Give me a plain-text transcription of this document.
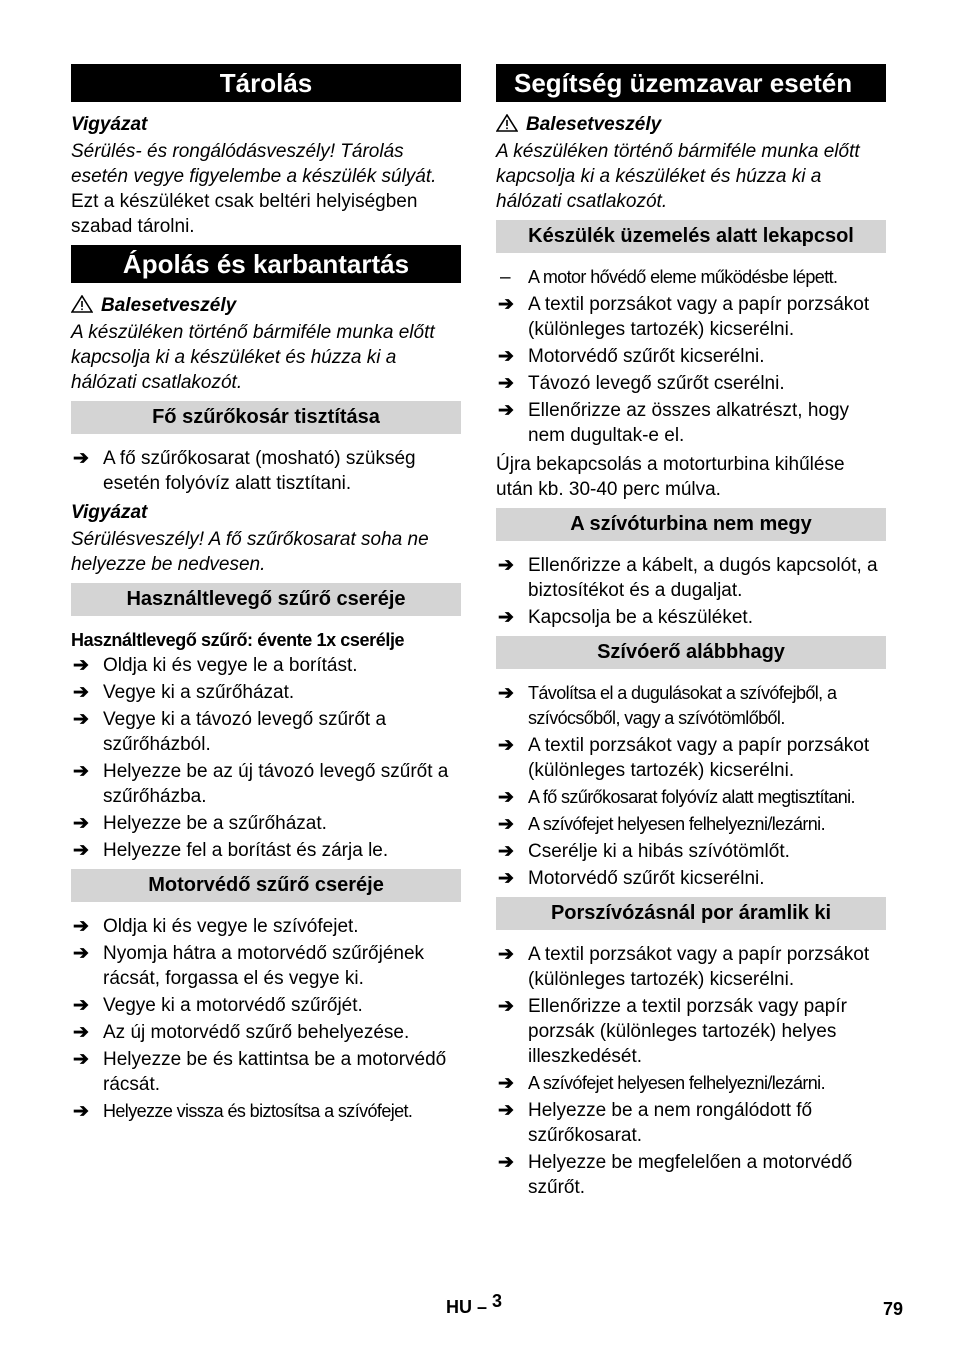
Tárolás
Vigyázat

Sérülés- és rongálódásveszély! Tárolás esetén vegye figyelembe a készülék súlyát.

Ezt a készüléket csak beltéri helyiségben szabad tárolni.

Ápolás és karbantartás
Balesetveszély

A készüléken történő bármiféle munka előtt kapcsolja ki a készüléket és húzza ki a hálózati csatlakozót.

Fő szűrőkosár tisztítása
➔ A fő szűrőkosarat (mosható) szükség esetén folyóvíz alatt tisztítani.
Vigyázat

Sérülésveszély! A fő szűrőkosarat soha ne helyezze be nedvesen.

Használtlevegő szűrő cseréje
Használtlevegő szűrő: évente 1x cserélje
➔ Oldja ki és vegye le a borítást.
➔ Vegye ki a szűrőházat.
➔ Vegye ki a távozó levegő szűrőt a szűrőházból.
➔ Helyezze be az új távozó levegő szűrőt a szűrőházba.
➔ Helyezze be a szűrőházat.
➔ Helyezze fel a borítást és zárja le.
Motorvédő szűrő cseréje
➔ Oldja ki és vegye le szívófejet.
➔ Nyomja hátra a motorvédő szűrőjének rácsát, forgassa el és vegye ki.
➔ Vegye ki a motorvédő szűrőjét.
➔ Az új motorvédő szűrő behelyezése.
➔ Helyezze be és kattintsa be a motorvédő rácsát.
➔ Helyezze vissza és biztosítsa a szívófejet.
Segítség üzemzavar esetén
Balesetveszély

A készüléken történő bármiféle munka előtt kapcsolja ki a készüléket és húzza ki a hálózati csatlakozót.

Készülék üzemelés alatt lekapcsol
– A motor hővédő eleme működésbe lépett.
➔ A textil porzsákot vagy a papír porzsákot (különleges tartozék) kicserélni.
➔ Motorvédő szűrőt kicserélni.
➔ Távozó levegő szűrőt cserélni.
➔ Ellenőrizze az összes alkatrészt, hogy nem dugultak-e el.

Újra bekapcsolás a motorturbina kihűlése után kb. 30-40 perc múlva.

A szívóturbina nem megy
➔ Ellenőrizze a kábelt, a dugós kapcsolót, a biztosítékot és a dugaljat.
➔ Kapcsolja be a készüléket.
Szívóerő alábbhagy
➔ Távolítsa el a dugulásokat a szívófejből, a szívócsőből, vagy a szívótömlőből.
➔ A textil porzsákot vagy a papír porzsákot (különleges tartozék) kicserélni.
➔ A fő szűrőkosarat folyóvíz alatt megtisztítani.
➔ A szívófejet helyesen felhelyezni/lezárni.
➔ Cserélje ki a hibás szívótömlőt.
➔ Motorvédő szűrőt kicserélni.
Porszívózásnál por áramlik ki
➔ A textil porzsákot vagy a papír porzsákot (különleges tartozék) kicserélni.
➔ Ellenőrizze a textil porzsák vagy papír porzsák (különleges tartozék) helyes illeszkedését.
➔ A szívófejet helyesen felhelyezni/lezárni.
➔ Helyezze be a nem rongálódott fő szűrőkosarat.
➔ Helyezze be megfelelően a motorvédő szűrőt.
HU – 3	79
